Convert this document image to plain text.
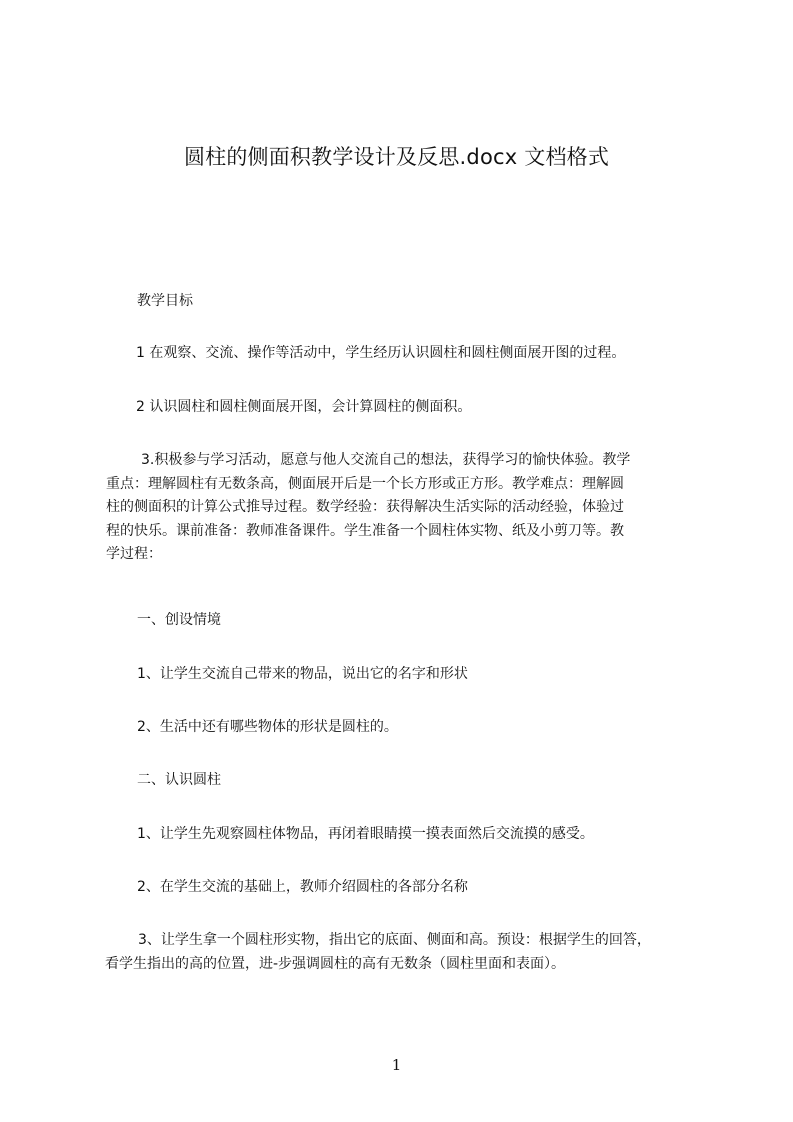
圆柱的侧面积教学设计及反思.docx 文档格式

教学目标

1 在观察、交流、操作等活动中，学生经历认识圆柱和圆柱侧面展开图的过程。

2 认识圆柱和圆柱侧面展开图，会计算圆柱的侧面积。

3.积极参与学习活动，愿意与他人交流自己的想法，获得学习的愉快体验。教学
重点：理解圆柱有无数条高，侧面展开后是一个长方形或正方形。教学难点：理解圆
柱的侧面积的计算公式推导过程。数学经验：获得解决生活实际的活动经验，体验过
程的快乐。课前准备：教师准备课件。学生准备一个圆柱体实物、纸及小剪刀等。教
学过程：

一、创设情境

1、让学生交流自己带来的物品，说出它的名字和形状

2、生活中还有哪些物体的形状是圆柱的。

二、认识圆柱

1、让学生先观察圆柱体物品，再闭着眼睛摸一摸表面然后交流摸的感受。

2、在学生交流的基础上，教师介绍圆柱的各部分名称

3、让学生拿一个圆柱形实物，指出它的底面、侧面和高。预设：根据学生的回答，
看学生指出的高的位置，进-步强调圆柱的高有无数条（圆柱里面和表面）。
1
